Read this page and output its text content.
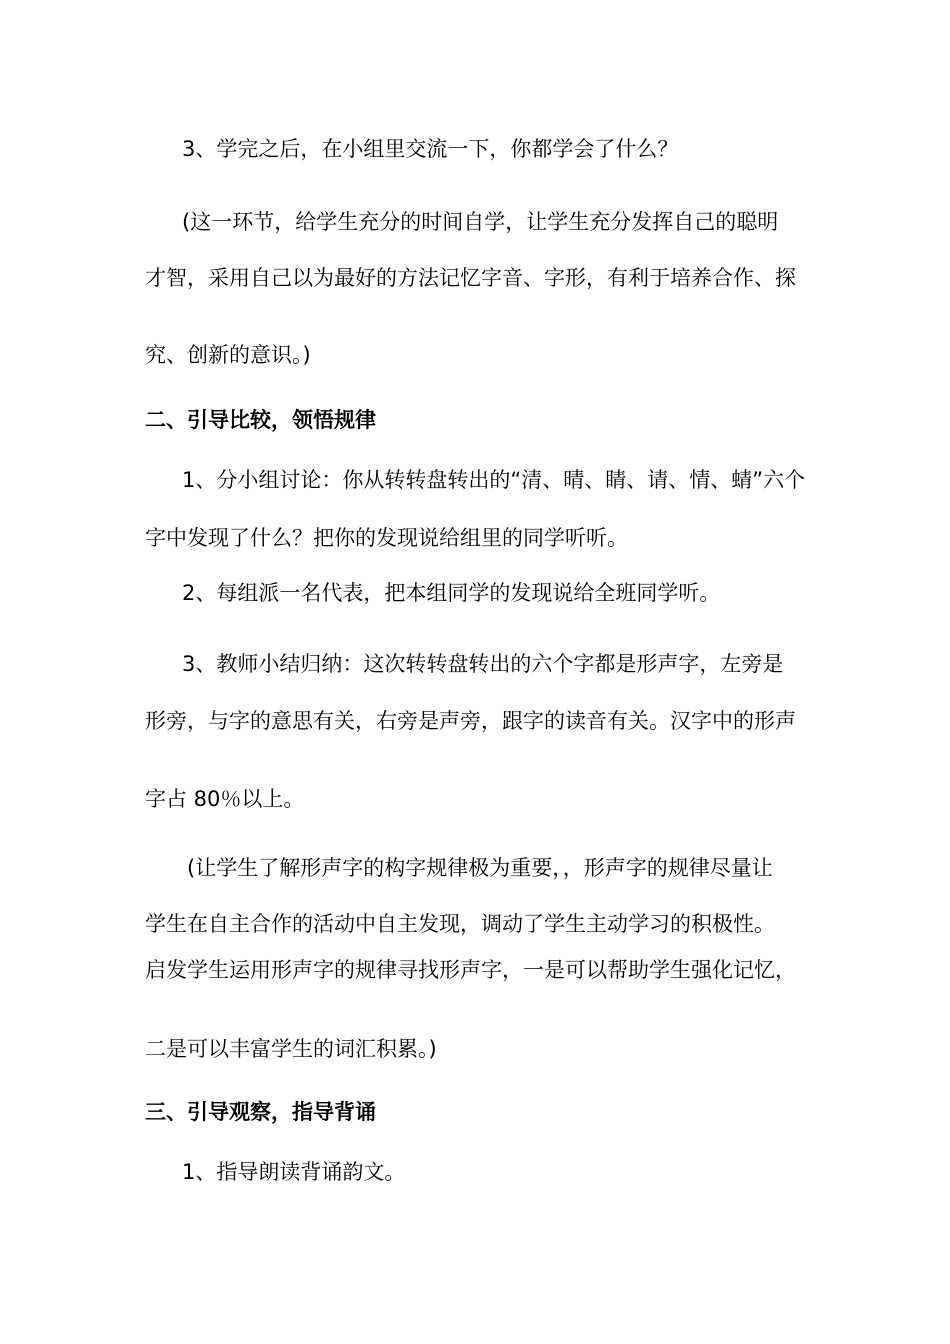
3、学完之后，在小组里交流一下，你都学会了什么？
(这一环节，给学生充分的时间自学，让学生充分发挥自己的聪明
才智，采用自己以为最好的方法记忆字音、字形，有利于培养合作、探
究、创新的意识。)
二、引导比较，领悟规律
1、分小组讨论：你从转转盘转出的“清、晴、睛、请、情、蜻”六个
字中发现了什么？把你的发现说给组里的同学听听。
2、每组派一名代表，把本组同学的发现说给全班同学听。
3、教师小结归纳：这次转转盘转出的六个字都是形声字，左旁是
形旁，与字的意思有关，右旁是声旁，跟字的读音有关。汉字中的形声
字占 80％以上。
(让学生了解形声字的构字规律极为重要，，形声字的规律尽量让
学生在自主合作的活动中自主发现，调动了学生主动学习的积极性。
启发学生运用形声字的规律寻找形声字，一是可以帮助学生强化记忆，
二是可以丰富学生的词汇积累。)
三、引导观察，指导背诵
1、指导朗读背诵韵文。
